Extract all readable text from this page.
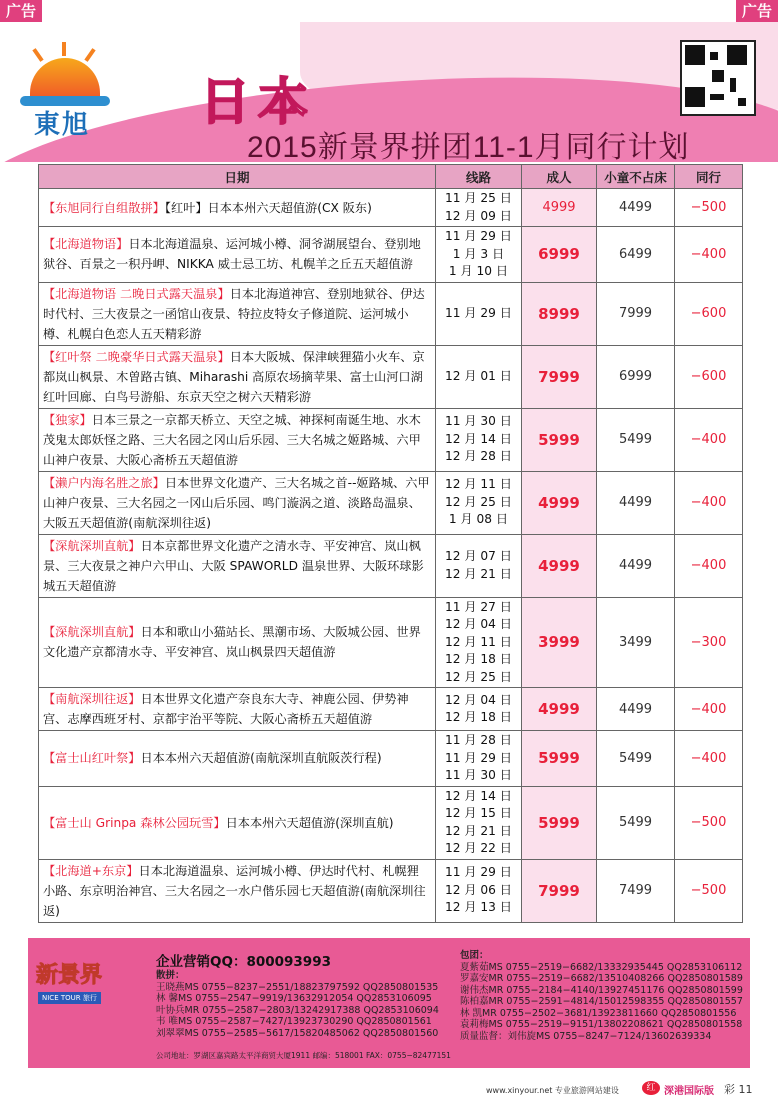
广告	广告
東旭 日本
2015新景界拼团11-1月同行计划
日期	线路	成人	小童不占床	同行
【东旭同行自组散拼】【红叶】日本本州六天超值游(CX 阪东)	11 月 25 日
12 月 09 日	4999	4499	−500
【北海道物语】日本北海道温泉、运河城小樽、洞爷湖展望台、登别地狱谷、百景之一积丹岬、NIKKA 威士忌工坊、札幌羊之丘五天超值游	11 月 29 日
1 月 3 日
1 月 10 日	6999	6499	−400
【北海道物语 二晚日式露天温泉】日本北海道神宫、登别地狱谷、伊达时代村、三大夜景之一函馆山夜景、特拉皮特女子修道院、运河城小樽、札幌白色恋人五天精彩游	11 月 29 日	8999	7999	−600
【红叶祭 二晚豪华日式露天温泉】日本大阪城、保津峡狸猫小火车、京都岚山枫景、木曽路古镇、Miharashi 高原农场摘苹果、富士山河口湖红叶回廊、白鸟号游船、东京天空之树六天精彩游	12 月 01 日	7999	6999	−600
【独家】日本三景之一京都天桥立、天空之城、神探柯南诞生地、水木茂鬼太郎妖怪之路、三大名园之冈山后乐园、三大名城之姬路城、六甲山神户夜景、大阪心斋桥五天超值游	11 月 30 日
12 月 14 日
12 月 28 日	5999	5499	−400
【濑户内海名胜之旅】日本世界文化遗产、三大名城之首--姬路城、六甲山神户夜景、三大名园之一冈山后乐园、鸣门漩涡之道、淡路岛温泉、大阪五天超值游(南航深圳往返)	12 月 11 日
12 月 25 日
1 月 08 日	4999	4499	−400
【深航深圳直航】日本京都世界文化遗产之清水寺、平安神宫、岚山枫景、三大夜景之神户六甲山、大阪 SPAWORLD 温泉世界、大阪环球影城五天超值游	12 月 07 日
12 月 21 日	4999	4499	−400
【深航深圳直航】日本和歌山小猫站长、黑潮市场、大阪城公园、世界文化遗产京都清水寺、平安神宫、岚山枫景四天超值游	11 月 27 日
12 月 04 日
12 月 11 日
12 月 18 日
12 月 25 日	3999	3499	−300
【南航深圳往返】日本世界文化遗产奈良东大寺、神鹿公园、伊势神宫、志摩西班牙村、京都宇治平等院、大阪心斋桥五天超值游	12 月 04 日
12 月 18 日	4999	4499	−400
【富士山红叶祭】日本本州六天超值游(南航深圳直航阪茨行程)	11 月 28 日
11 月 29 日
11 月 30 日	5999	5499	−400
【富士山 Grinpa 森林公园玩雪】日本本州六天超值游(深圳直航)	12 月 14 日
12 月 15 日
12 月 21 日
12 月 22 日	5999	5499	−500
【北海道+东京】日本北海道温泉、运河城小樽、伊达时代村、札幌狸小路、东京明治神宫、三大名园之一水户偕乐园七天超值游(南航深圳往返)	11 月 29 日
12 月 06 日
12 月 13 日	7999	7499	−500
新景界
NICE TOUR 旅行
企业营销QQ：800093993
散拼：
王晓燕MS 0755−8237−2551/18823797592 QQ2850801535
林 馨MS 0755−2547−9919/13632912054 QQ2853106095
叶协兵MR 0755−2587−2803/13242917388 QQ2853106094
韦 唯MS 0755−2587−7427/13923730290 QQ2850801561
刘翠翠MS 0755−2585−5617/15820485062 QQ2850801560
包团：
夏紫茹MS 0755−2519−6682/13332935445 QQ2853106112
罗嘉安MR 0755−2519−6682/13510408266 QQ2850801589
谢伟杰MR 0755−2184−4140/13927451176 QQ2850801599
陈柏嘉MR 0755−2591−4814/15012598355 QQ2850801557
林 凯MR 0755−2502−3681/13923811660 QQ2850801556
袁莉梅MS 0755−2519−9151/13802208621 QQ2850801558
质量监督：刘伟旋MS 0755−8247−7124/13602639334
公司地址：罗湖区嘉宾路太平洋商贸大厦1911 邮编：518001 FAX：0755−82477151
www.xinyour.net 专业旅游网站建设	红 深港国际版 彩 11
